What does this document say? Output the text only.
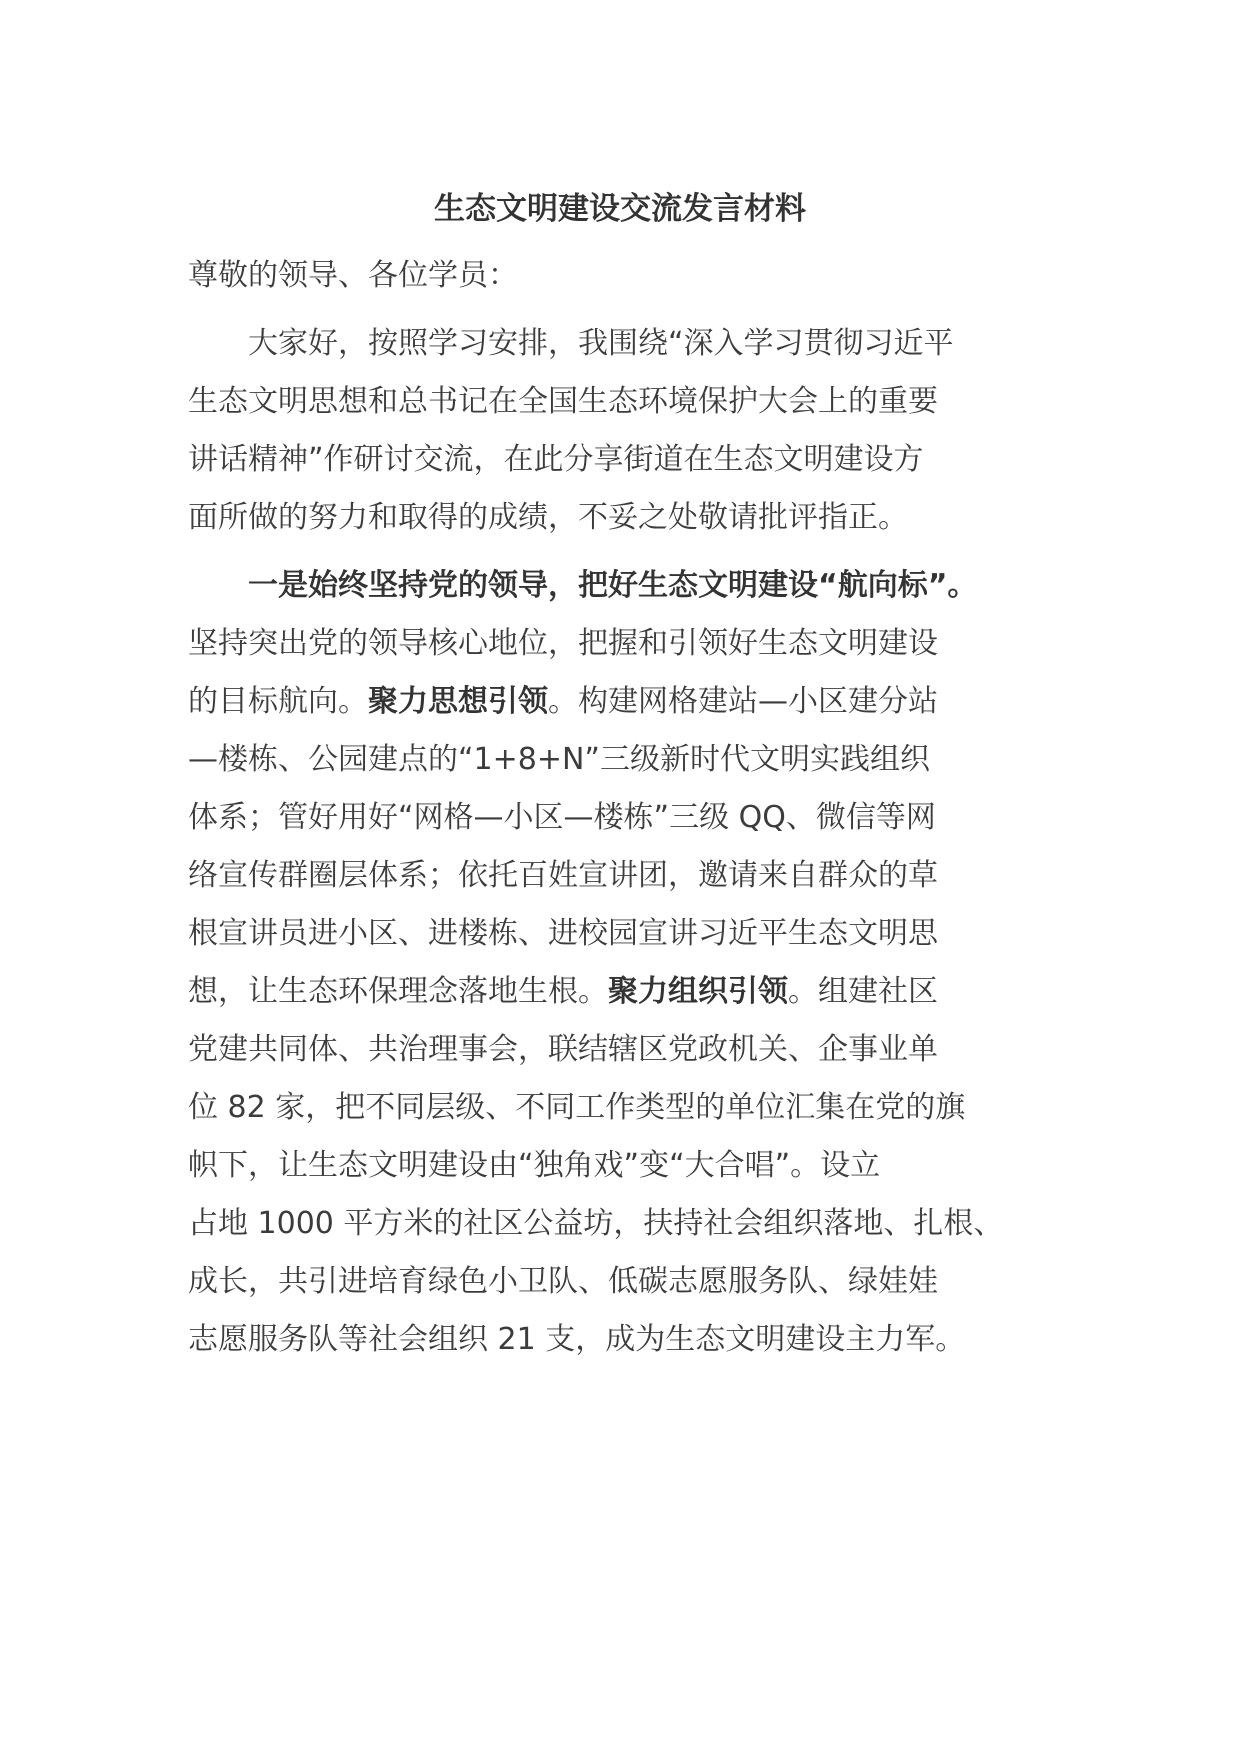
生态文明建设交流发言材料
尊敬的领导、各位学员：
大家好，按照学习安排，我围绕“深入学习贯彻习近平
生态文明思想和总书记在全国生态环境保护大会上的重要
讲话精神”作研讨交流，在此分享街道在生态文明建设方
面所做的努力和取得的成绩，不妥之处敬请批评指正。
一是始终坚持党的领导，把好生态文明建设“航向标”。
坚持突出党的领导核心地位，把握和引领好生态文明建设
的目标航向。聚力思想引领。构建网格建站—小区建分站
—楼栋、公园建点的“1+8+N”三级新时代文明实践组织
体系；管好用好“网格—小区—楼栋”三级 QQ、微信等网
络宣传群圈层体系；依托百姓宣讲团，邀请来自群众的草
根宣讲员进小区、进楼栋、进校园宣讲习近平生态文明思
想，让生态环保理念落地生根。聚力组织引领。组建社区
党建共同体、共治理事会，联结辖区党政机关、企事业单
位 82 家，把不同层级、不同工作类型的单位汇集在党的旗
帜下，让生态文明建设由“独角戏”变“大合唱”。设立
占地 1000 平方米的社区公益坊，扶持社会组织落地、扎根、
成长，共引进培育绿色小卫队、低碳志愿服务队、绿娃娃
志愿服务队等社会组织 21 支，成为生态文明建设主力军。
